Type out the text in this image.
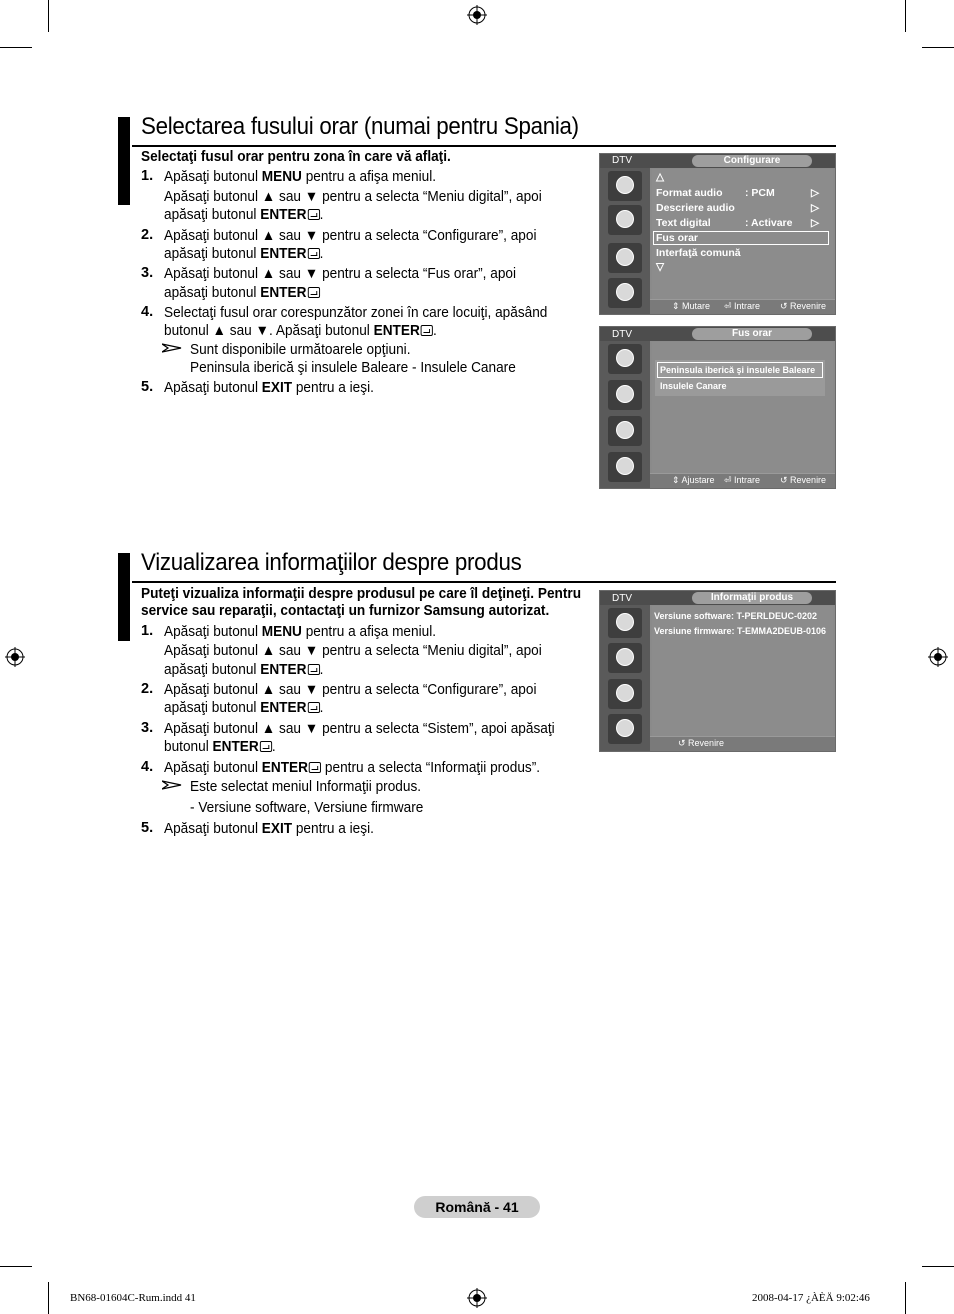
Selectarea fusului orar (numai pentru Spania)
Selectaţi fusul orar pentru zona în care vă aflaţi.
1. Apăsaţi butonul MENU pentru a afişa meniul.
Apăsaţi butonul ▲ sau ▼ pentru a selecta “Meniu digital”, apoi
apăsaţi butonul ENTER .
2. Apăsaţi butonul ▲ sau ▼ pentru a selecta “Configurare”, apoi
apăsaţi butonul ENTER .
3. Apăsaţi butonul ▲ sau ▼ pentru a selecta “Fus orar”, apoi
apăsaţi butonul ENTER
4. Selectaţi fusul orar corespunzător zonei în care locuiţi, apăsând
butonul ▲ sau ▼. Apăsaţi butonul ENTER .
Sunt disponibile următoarele opţiuni.
Peninsula iberică şi insulele Baleare - Insulele Canare
5. Apăsaţi butonul EXIT pentru a ieşi.
DTV	Configurare
△
Format audio : PCM	▷
Descriere audio	▷
Text digital	: Activare ▷
Fus orar
Interfaţă comună
▽
⇕ Mutare ⏎ Intrare ↺ Revenire
DTV	Fus orar
Peninsula iberică şi insulele Baleare
Insulele Canare
⇕ Ajustare ⏎ Intrare ↺ Revenire
Vizualizarea informaţiilor despre produs
Puteţi vizualiza informaţii despre produsul pe care îl deţineţi. Pentru
service sau reparaţii, contactaţi un furnizor Samsung autorizat.
1. Apăsaţi butonul MENU pentru a afişa meniul.
Apăsaţi butonul ▲ sau ▼ pentru a selecta “Meniu digital”, apoi
apăsaţi butonul ENTER .
2. Apăsaţi butonul ▲ sau ▼ pentru a selecta “Configurare”, apoi
apăsaţi butonul ENTER .
3. Apăsaţi butonul ▲ sau ▼ pentru a selecta “Sistem”, apoi apăsaţi
butonul ENTER .
4. Apăsaţi butonul ENTER pentru a selecta “Informaţii produs”.
Este selectat meniul Informaţii produs.
- Versiune software, Versiune firmware
5. Apăsaţi butonul EXIT pentru a ieşi.
DTV	Informaţii produs
Versiune software: T-PERLDEUC-0202
Versiune firmware: T-EMMA2DEUB-0106
↺ Revenire
Română - 41
BN68-01604C-Rum.indd 41	2008-04-17 ¿ÀÈÄ 9:02:46
